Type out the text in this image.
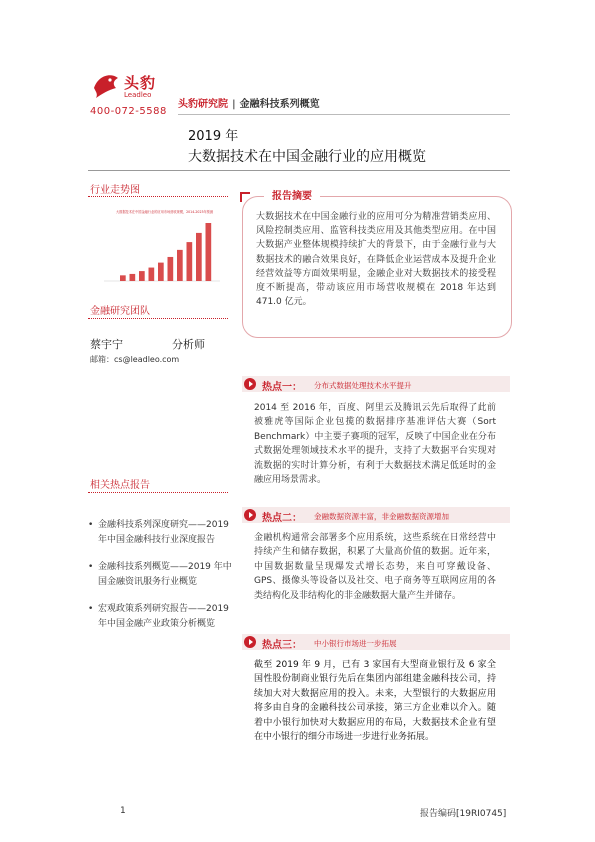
头豹
Leadleo
400-072-5588
头豹研究院 | 金融科技系列概览
2019 年
大数据技术在中国金融行业的应用概览
行业走势图
大数据技术在中国金融行业的应用市场营收规模，2014-2023年预测
金融研究团队
蔡宇宁	分析师
邮箱：cs@leadleo.com
相关热点报告
• 金融科技系列深度研究——2019 年中国金融科技行业深度报告
• 金融科技系列概览——2019 年中国金融资讯服务行业概览
• 宏观政策系列研究报告——2019 年中国金融产业政策分析概览
报告摘要
大数据技术在中国金融行业的应用可分为精准营销类应用、风险控制类应用、监管科技类应用及其他类型应用。在中国大数据产业整体规模持续扩大的背景下，由于金融行业与大数据技术的融合效果良好，在降低企业运营成本及提升企业经营效益等方面效果明显，金融企业对大数据技术的接受程度不断提高，带动该应用市场营收规模在 2018 年达到 471.0 亿元。
热点一： 分布式数据处理技术水平提升
2014 至 2016 年，百度、阿里云及腾讯云先后取得了此前被雅虎等国际企业包揽的数据排序基准评估大赛（Sort Benchmark）中主要子赛项的冠军，反映了中国企业在分布式数据处理领域技术水平的提升，支持了大数据平台实现对流数据的实时计算分析，有利于大数据技术满足低延时的金融应用场景需求。
热点二： 金融数据资源丰富，非金融数据资源增加
金融机构通常会部署多个应用系统，这些系统在日常经营中持续产生和储存数据，积累了大量高价值的数据。近年来，中国数据数量呈现爆发式增长态势，来自可穿戴设备、GPS、摄像头等设备以及社交、电子商务等互联网应用的各类结构化及非结构化的非金融数据大量产生并储存。
热点三： 中小银行市场进一步拓展
截至 2019 年 9 月，已有 3 家国有大型商业银行及 6 家全国性股份制商业银行先后在集团内部组建金融科技公司，持续加大对大数据应用的投入。未来，大型银行的大数据应用将多由自身的金融科技公司承接，第三方企业难以介入。随着中小银行加快对大数据应用的布局，大数据技术企业有望在中小银行的细分市场进一步进行业务拓展。
1	报告编码[19RI0745]
